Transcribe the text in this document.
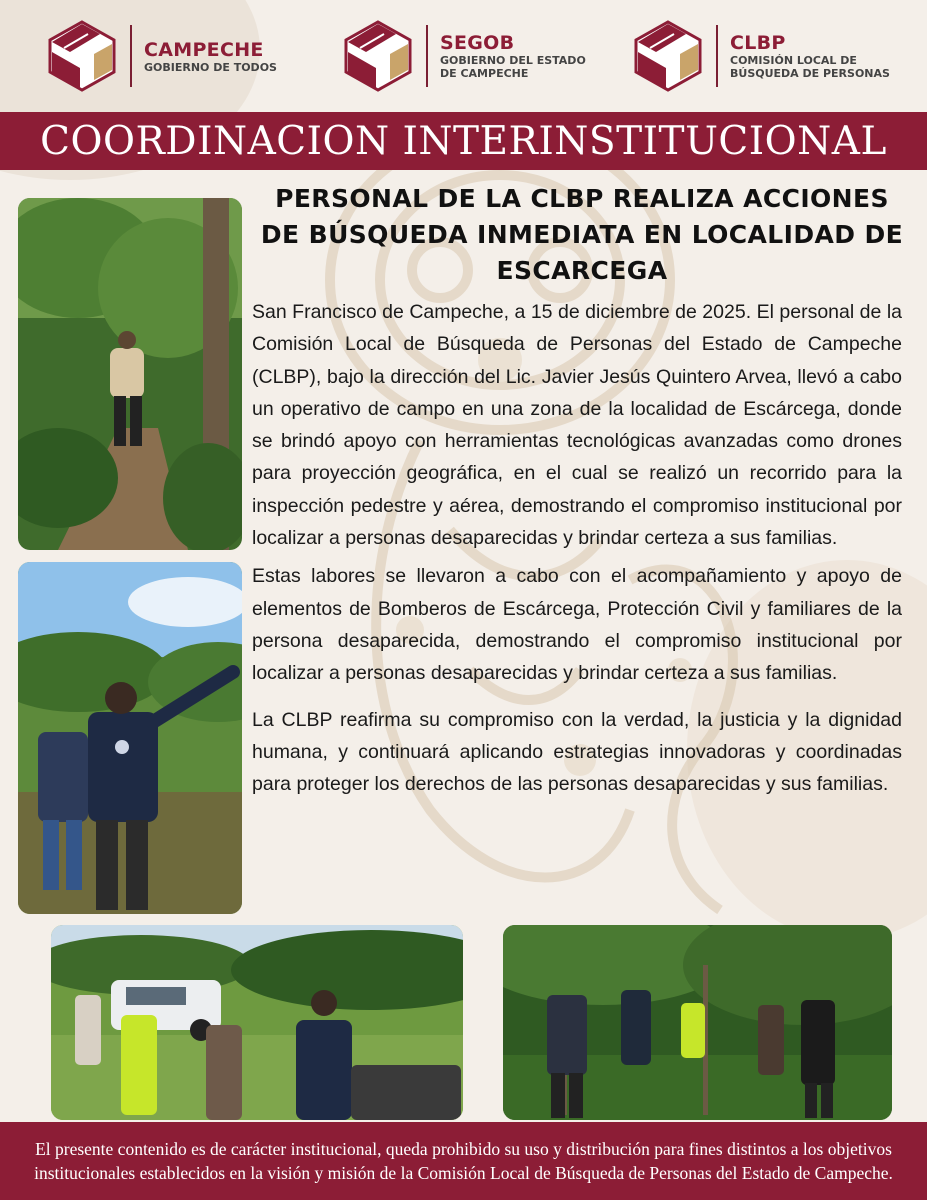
CAMPECHE
GOBIERNO DE TODOS
SEGOB
GOBIERNO DEL ESTADO
DE CAMPECHE
CLBP
COMISIÓN LOCAL DE
BÚSQUEDA DE PERSONAS
COORDINACION INTERINSTITUCIONAL
PERSONAL DE LA CLBP REALIZA ACCIONES DE BÚSQUEDA INMEDIATA EN LOCALIDAD DE ESCARCEGA

San Francisco de Campeche, a 15 de diciembre de 2025. El personal de la Comisión Local de Búsqueda de Personas del Estado de Campeche (CLBP), bajo la dirección del Lic. Javier Jesús Quintero Arvea, llevó a cabo un operativo de campo en una zona de la localidad de Escárcega, donde se brindó apoyo con herramientas tecnológicas avanzadas como drones para proyección geográfica, en el cual se realizó un recorrido para la inspección pedestre y aérea, demostrando el compromiso institucional por localizar a personas desaparecidas y brindar certeza a sus familias.

Estas labores se llevaron a cabo con el acompañamiento y apoyo de elementos de Bomberos de Escárcega, Protección Civil y familiares de la persona desaparecida, demostrando el compromiso institucional por localizar a personas desaparecidas y brindar certeza a sus familias.

La CLBP reafirma su compromiso con la verdad, la justicia y la dignidad humana, y continuará aplicando estrategias innovadoras y coordinadas para proteger los derechos de las personas desaparecidas y sus familias.

El presente contenido es de carácter institucional, queda prohibido su uso y distribución para fines distintos a los objetivos institucionales establecidos en la visión y misión de la Comisión Local de Búsqueda de Personas del Estado de Campeche.
